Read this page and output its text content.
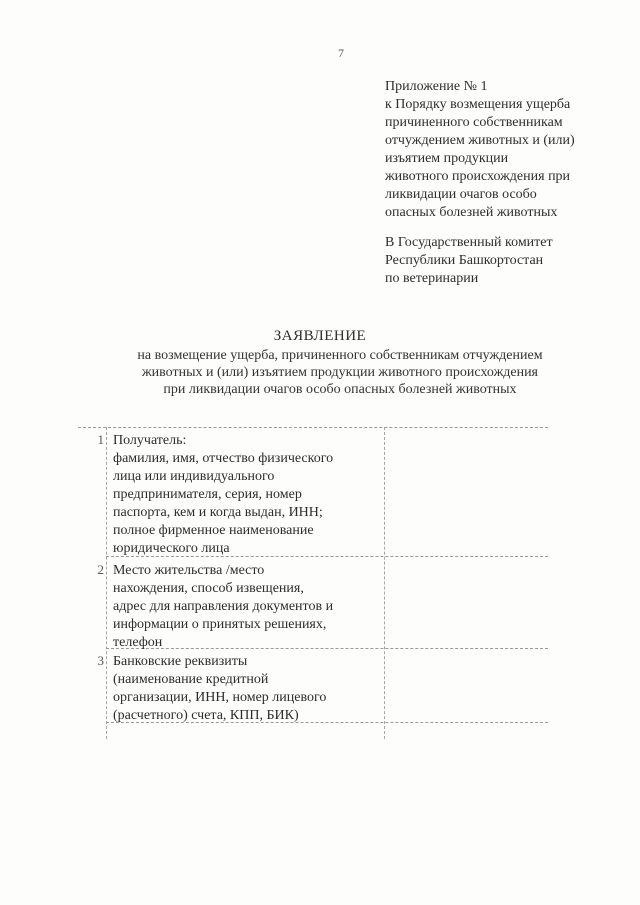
7
Приложение № 1
к Порядку возмещения ущерба
причиненного собственникам
отчуждением животных и (или)
изъятием продукции
животного происхождения при
ликвидации очагов особо
опасных болезней животных
В Государственный комитет
Республики Башкортостан
по ветеринарии
ЗАЯВЛЕНИЕ
на возмещение ущерба, причиненного собственникам отчуждением
животных и (или) изъятием продукции животного происхождения
при ликвидации очагов особо опасных болезней животных
1 Получатель:
фамилия, имя, отчество физического
лица или индивидуального
предпринимателя, серия, номер
паспорта, кем и когда выдан, ИНН;
полное фирменное наименование
юридического лица
2 Место жительства /место
нахождения, способ извещения,
адрес для направления документов и
информации о принятых решениях,
телефон
3 Банковские реквизиты
(наименование кредитной
организации, ИНН, номер лицевого
(расчетного) счета, КПП, БИК)
